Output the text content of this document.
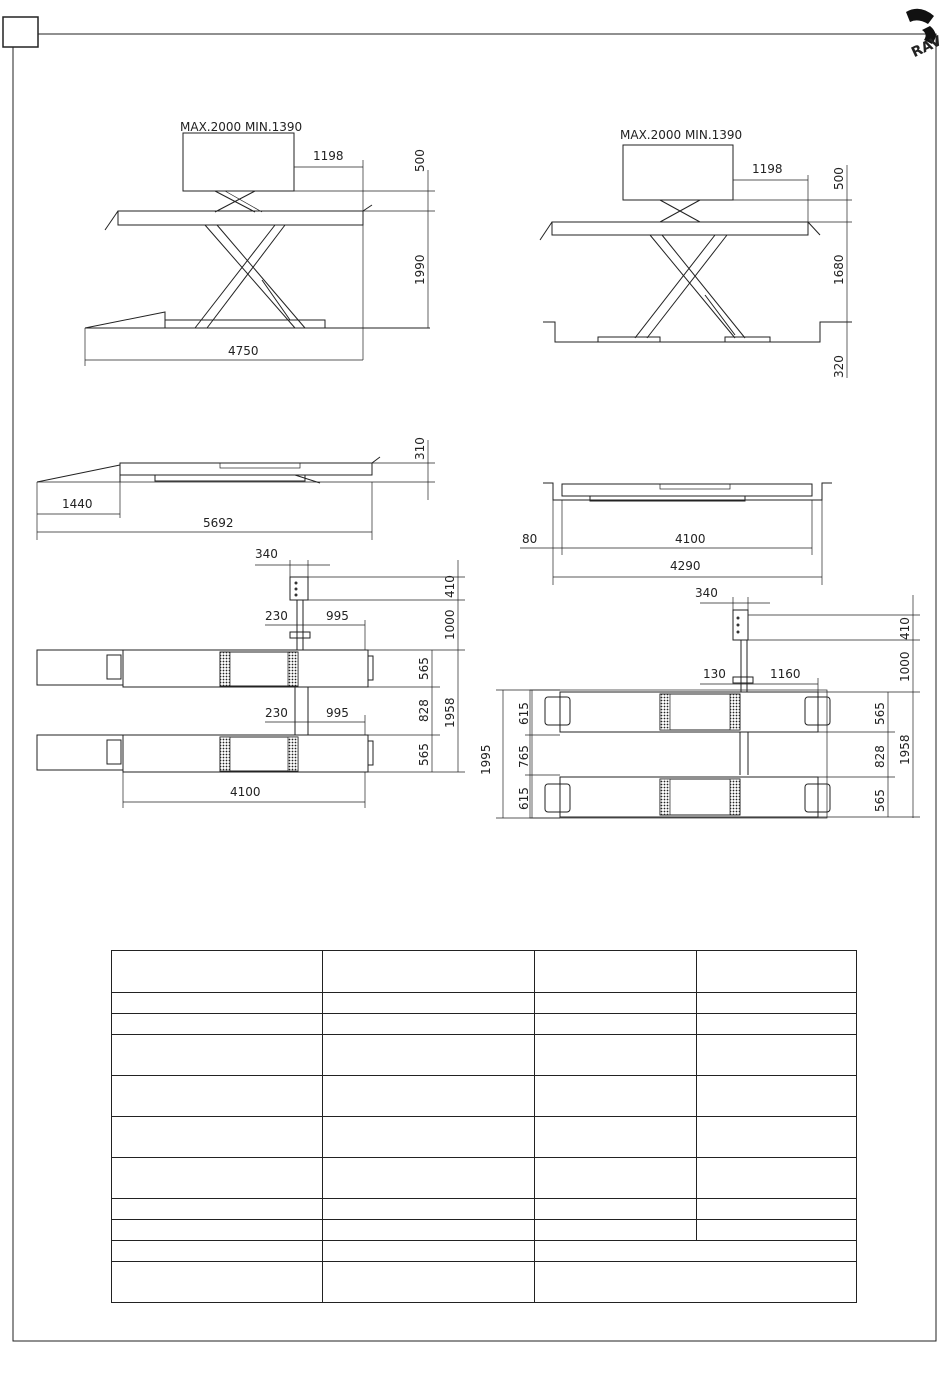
RAV
MAX.2000 MIN.1390
1198	500
1990
4750
MAX.2000 MIN.1390
1198	500
1680
320
310
1440
5692
80	4100
4290
340
410
1000
230	995
230	995
565
828
565
1958
4100
340
410
1000
130	1160
615
765
615
1995
565
828
565
1958
